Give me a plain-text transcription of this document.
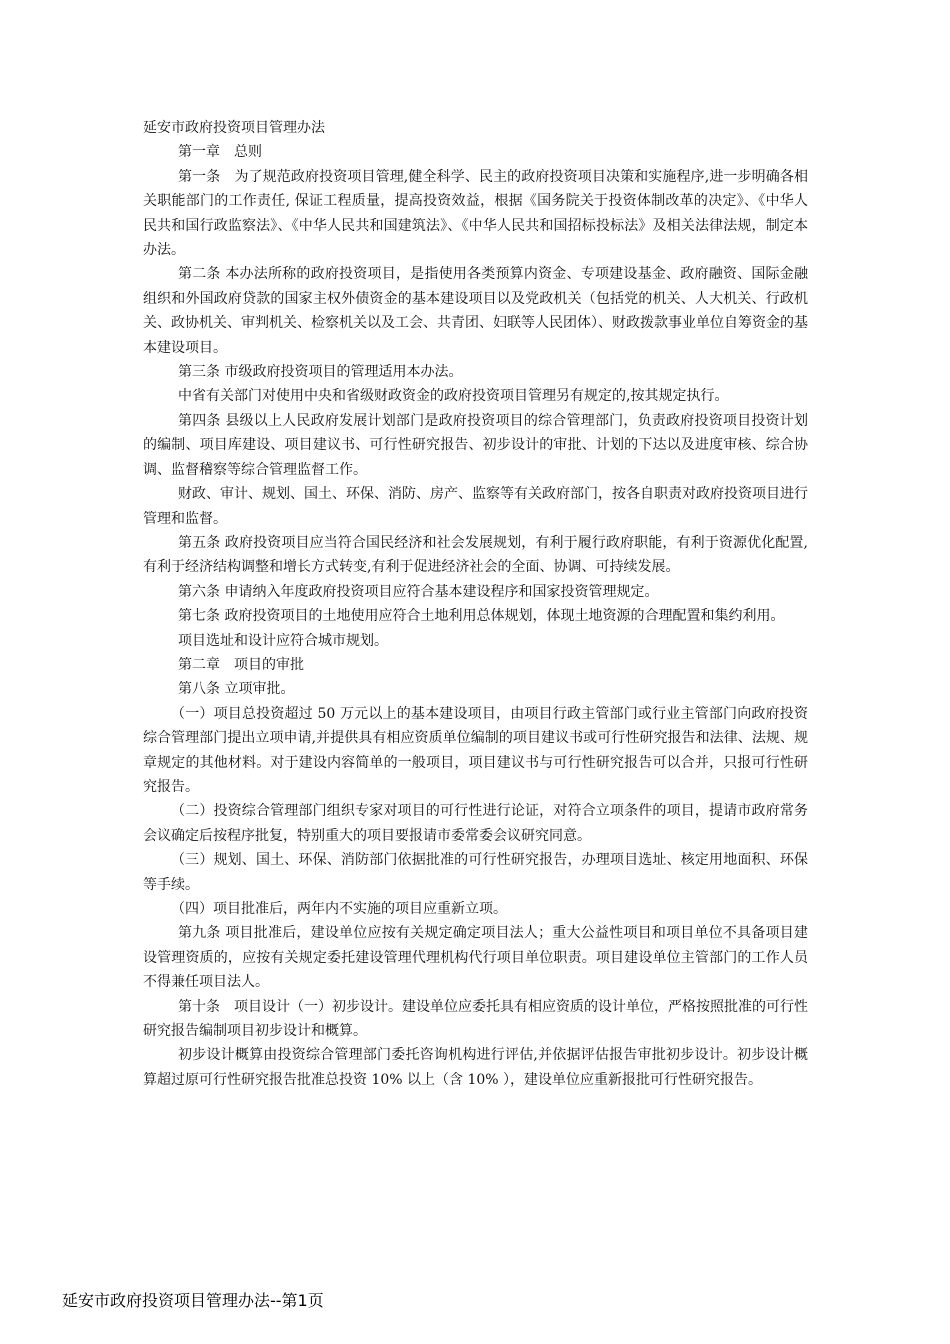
延安市政府投资项目管理办法

第一章　总则

第一条　为了规范政府投资项目管理,健全科学、民主的政府投资项目决策和实施程序,进一步明确各相关职能部门的工作责任, 保证工程质量，提高投资效益，根据《国务院关于投资体制改革的决定》、《中华人民共和国行政监察法》、《中华人民共和国建筑法》、《中华人民共和国招标投标法》及相关法律法规，制定本办法。

第二条 本办法所称的政府投资项目，是指使用各类预算内资金、专项建设基金、政府融资、国际金融组织和外国政府贷款的国家主权外债资金的基本建设项目以及党政机关（包括党的机关、人大机关、行政机关、政协机关、审判机关、检察机关以及工会、共青团、妇联等人民团体）、财政拨款事业单位自筹资金的基本建设项目。

第三条 市级政府投资项目的管理适用本办法。

中省有关部门对使用中央和省级财政资金的政府投资项目管理另有规定的,按其规定执行。

第四条 县级以上人民政府发展计划部门是政府投资项目的综合管理部门，负责政府投资项目投资计划的编制、项目库建设、项目建议书、可行性研究报告、初步设计的审批、计划的下达以及进度审核、综合协调、监督稽察等综合管理监督工作。

财政、审计、规划、国土、环保、消防、房产、监察等有关政府部门，按各自职责对政府投资项目进行管理和监督。

第五条 政府投资项目应当符合国民经济和社会发展规划，有利于履行政府职能，有利于资源优化配置,有利于经济结构调整和增长方式转变,有利于促进经济社会的全面、协调、可持续发展。

第六条 申请纳入年度政府投资项目应符合基本建设程序和国家投资管理规定。

第七条 政府投资项目的土地使用应符合土地利用总体规划，体现土地资源的合理配置和集约利用。

项目选址和设计应符合城市规划。

第二章　项目的审批

第八条 立项审批。

（一）项目总投资超过 50 万元以上的基本建设项目，由项目行政主管部门或行业主管部门向政府投资综合管理部门提出立项申请,并提供具有相应资质单位编制的项目建议书或可行性研究报告和法律、法规、规章规定的其他材料。对于建设内容简单的一般项目，项目建议书与可行性研究报告可以合并，只报可行性研究报告。

（二）投资综合管理部门组织专家对项目的可行性进行论证，对符合立项条件的项目，提请市政府常务会议确定后按程序批复，特别重大的项目要报请市委常委会议研究同意。

（三）规划、国土、环保、消防部门依据批准的可行性研究报告，办理项目选址、核定用地面积、环保等手续。

（四）项目批准后，两年内不实施的项目应重新立项。

第九条 项目批准后，建设单位应按有关规定确定项目法人；重大公益性项目和项目单位不具备项目建设管理资质的，应按有关规定委托建设管理代理机构代行项目单位职责。项目建设单位主管部门的工作人员不得兼任项目法人。

第十条　项目设计（一）初步设计。建设单位应委托具有相应资质的设计单位，严格按照批准的可行性研究报告编制项目初步设计和概算。

初步设计概算由投资综合管理部门委托咨询机构进行评估,并依据评估报告审批初步设计。初步设计概算超过原可行性研究报告批准总投资 10% 以上（含 10% ），建设单位应重新报批可行性研究报告。

延安市政府投资项目管理办法--第1页
